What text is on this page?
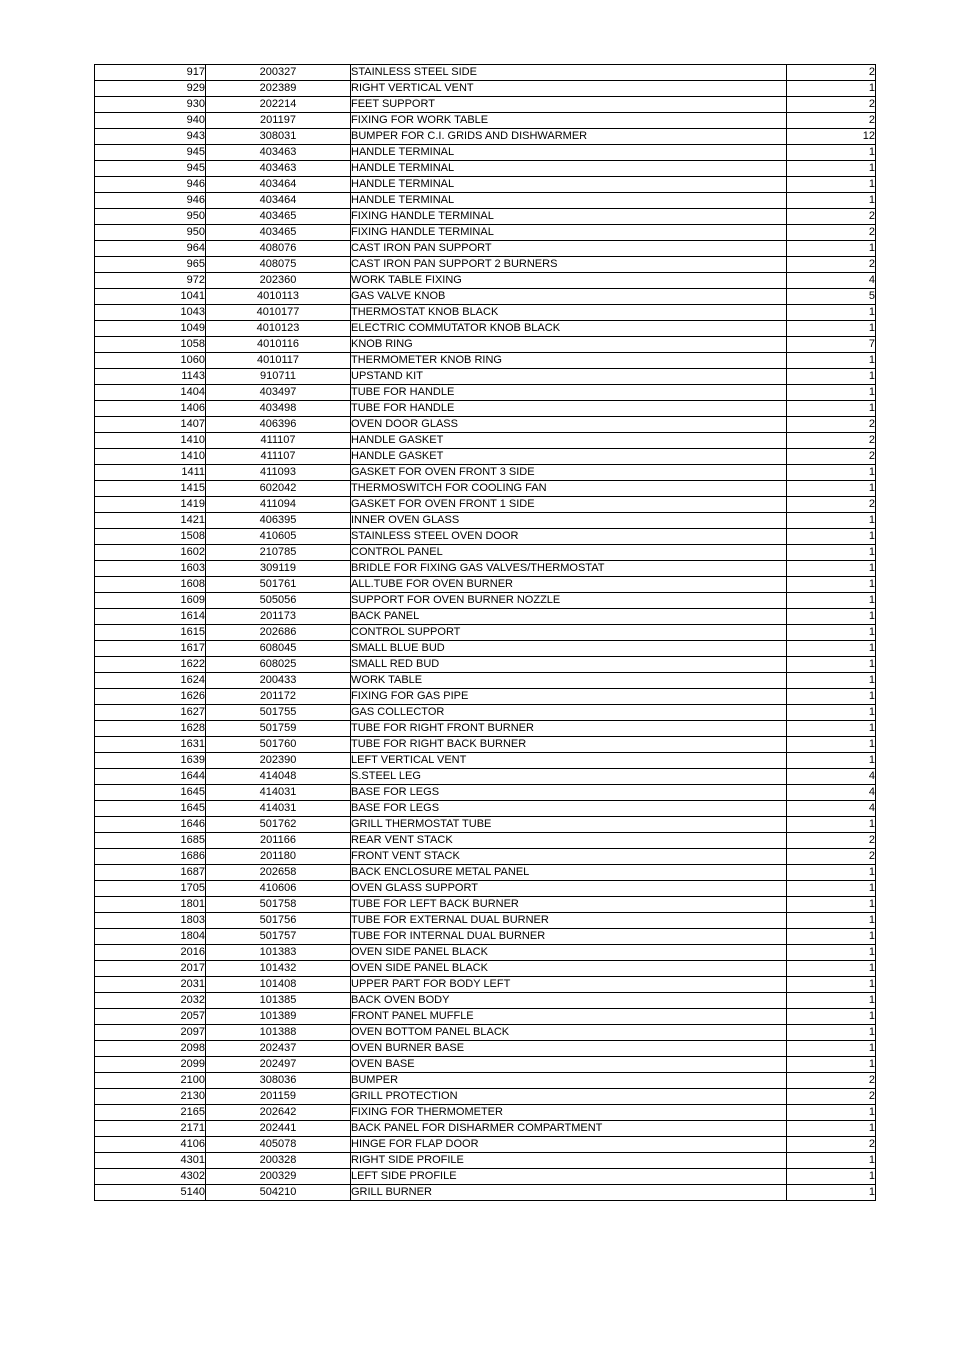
917	200327	STAINLESS STEEL SIDE	2
929	202389	RIGHT VERTICAL VENT	1
930	202214	FEET SUPPORT	2
940	201197	FIXING FOR WORK TABLE	2
943	308031	BUMPER FOR C.I. GRIDS AND DISHWARMER	12
945	403463	HANDLE TERMINAL	1
945	403463	HANDLE TERMINAL	1
946	403464	HANDLE TERMINAL	1
946	403464	HANDLE TERMINAL	1
950	403465	FIXING HANDLE TERMINAL	2
950	403465	FIXING HANDLE TERMINAL	2
964	408076	CAST IRON PAN SUPPORT	1
965	408075	CAST IRON PAN SUPPORT 2 BURNERS	2
972	202360	WORK TABLE FIXING	4
1041	4010113	GAS VALVE KNOB	5
1043	4010177	THERMOSTAT KNOB BLACK	1
1049	4010123	ELECTRIC COMMUTATOR KNOB BLACK	1
1058	4010116	KNOB RING	7
1060	4010117	THERMOMETER KNOB RING	1
1143	910711	UPSTAND KIT	1
1404	403497	TUBE FOR HANDLE	1
1406	403498	TUBE FOR HANDLE	1
1407	406396	OVEN DOOR GLASS	2
1410	411107	HANDLE GASKET	2
1410	411107	HANDLE GASKET	2
1411	411093	GASKET FOR OVEN FRONT 3 SIDE	1
1415	602042	THERMOSWITCH FOR COOLING FAN	1
1419	411094	GASKET FOR OVEN FRONT 1 SIDE	2
1421	406395	INNER OVEN GLASS	1
1508	410605	STAINLESS STEEL OVEN DOOR	1
1602	210785	CONTROL PANEL	1
1603	309119	BRIDLE FOR FIXING GAS VALVES/THERMOSTAT	1
1608	501761	ALL.TUBE FOR OVEN BURNER	1
1609	505056	SUPPORT FOR OVEN BURNER NOZZLE	1
1614	201173	BACK PANEL	1
1615	202686	CONTROL SUPPORT	1
1617	608045	SMALL BLUE BUD	1
1622	608025	SMALL RED BUD	1
1624	200433	WORK TABLE	1
1626	201172	FIXING FOR GAS PIPE	1
1627	501755	GAS COLLECTOR	1
1628	501759	TUBE FOR RIGHT FRONT BURNER	1
1631	501760	TUBE FOR RIGHT BACK BURNER	1
1639	202390	LEFT VERTICAL VENT	1
1644	414048	S.STEEL LEG	4
1645	414031	BASE FOR LEGS	4
1645	414031	BASE FOR LEGS	4
1646	501762	GRILL THERMOSTAT TUBE	1
1685	201166	REAR VENT STACK	2
1686	201180	FRONT VENT STACK	2
1687	202658	BACK ENCLOSURE METAL PANEL	1
1705	410606	OVEN GLASS SUPPORT	1
1801	501758	TUBE FOR LEFT BACK BURNER	1
1803	501756	TUBE FOR EXTERNAL DUAL BURNER	1
1804	501757	TUBE FOR INTERNAL DUAL BURNER	1
2016	101383	OVEN SIDE PANEL BLACK	1
2017	101432	OVEN SIDE PANEL BLACK	1
2031	101408	UPPER PART FOR BODY LEFT	1
2032	101385	BACK OVEN BODY	1
2057	101389	FRONT PANEL MUFFLE	1
2097	101388	OVEN BOTTOM PANEL BLACK	1
2098	202437	OVEN BURNER BASE	1
2099	202497	OVEN BASE	1
2100	308036	BUMPER	2
2130	201159	GRILL PROTECTION	2
2165	202642	FIXING FOR THERMOMETER	1
2171	202441	BACK PANEL FOR DISHARMER COMPARTMENT	1
4106	405078	HINGE FOR FLAP DOOR	2
4301	200328	RIGHT SIDE PROFILE	1
4302	200329	LEFT SIDE PROFILE	1
5140	504210	GRILL BURNER	1
